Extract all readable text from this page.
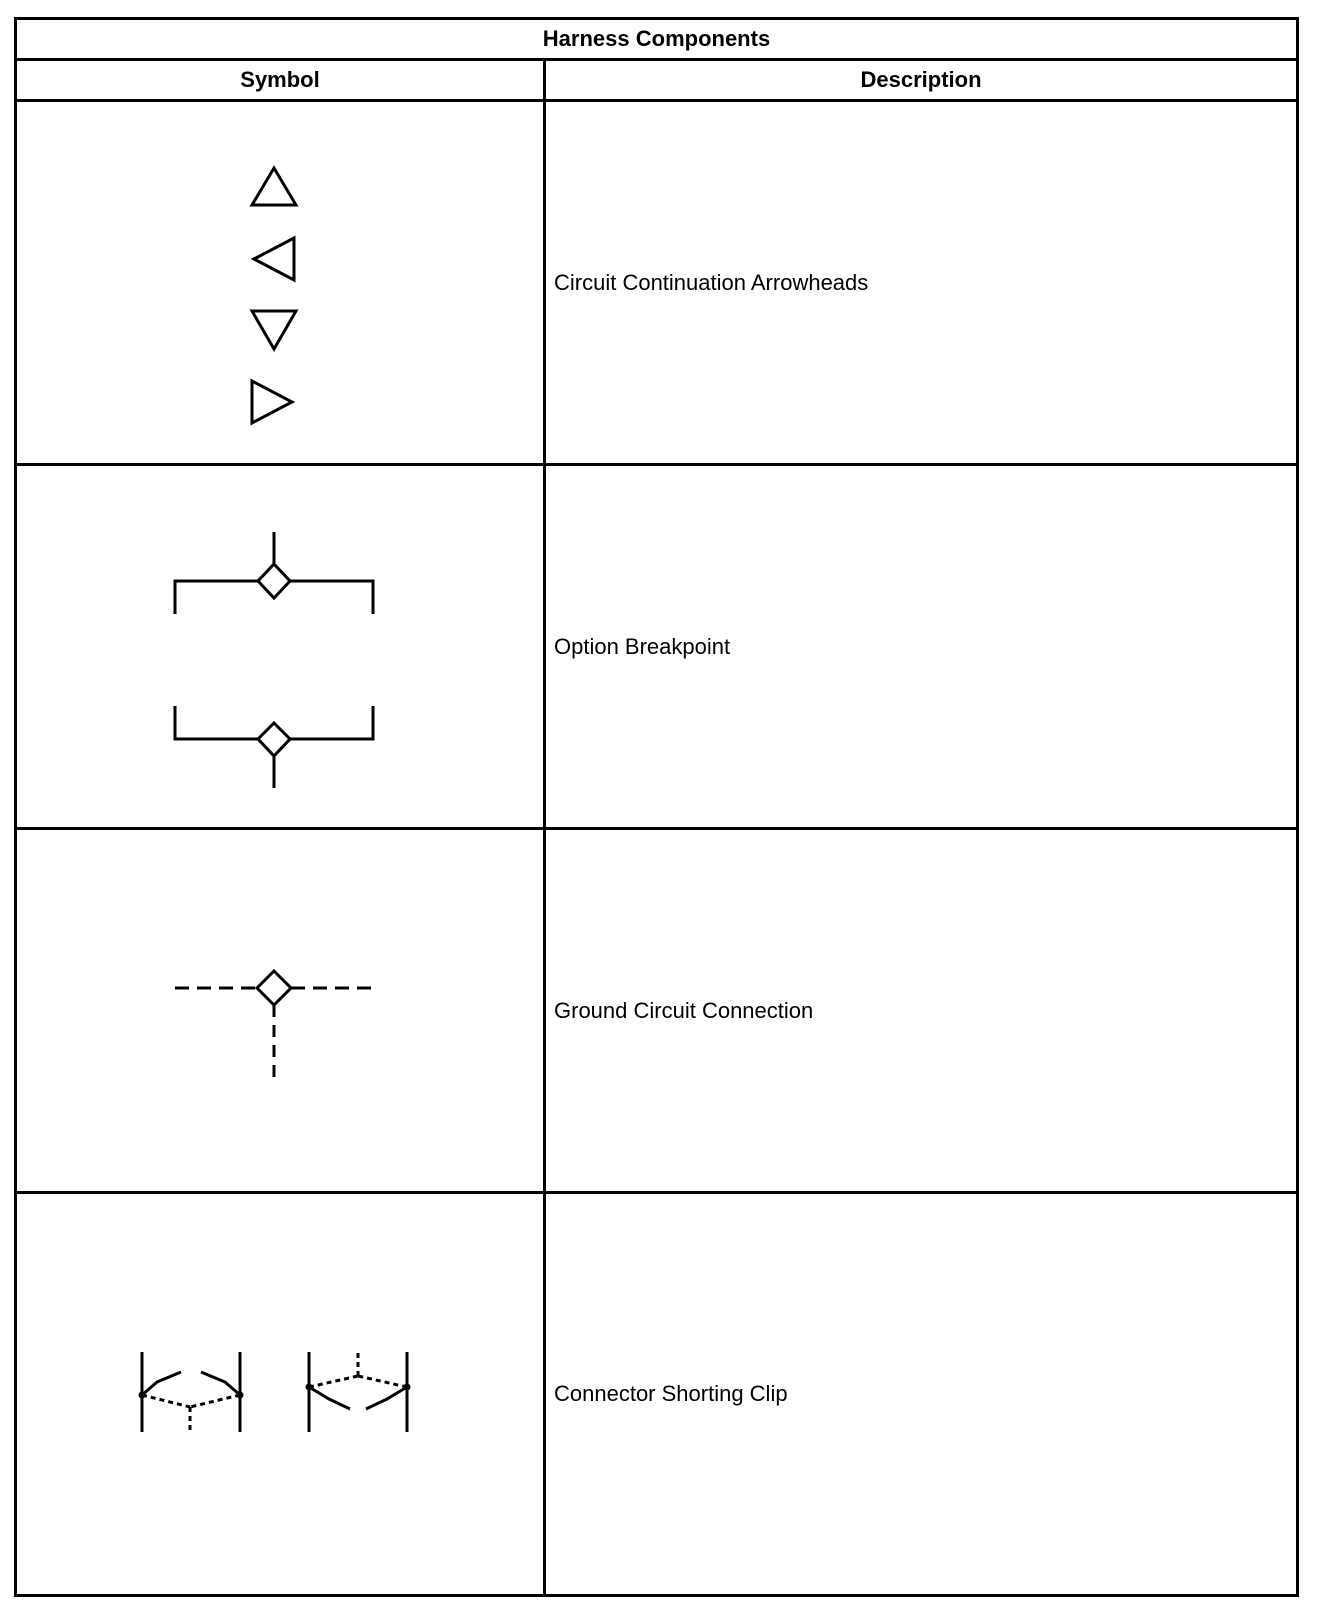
Harness Components
Symbol	Description
Circuit Continuation Arrowheads
Option Breakpoint
Ground Circuit Connection
Connector Shorting Clip
